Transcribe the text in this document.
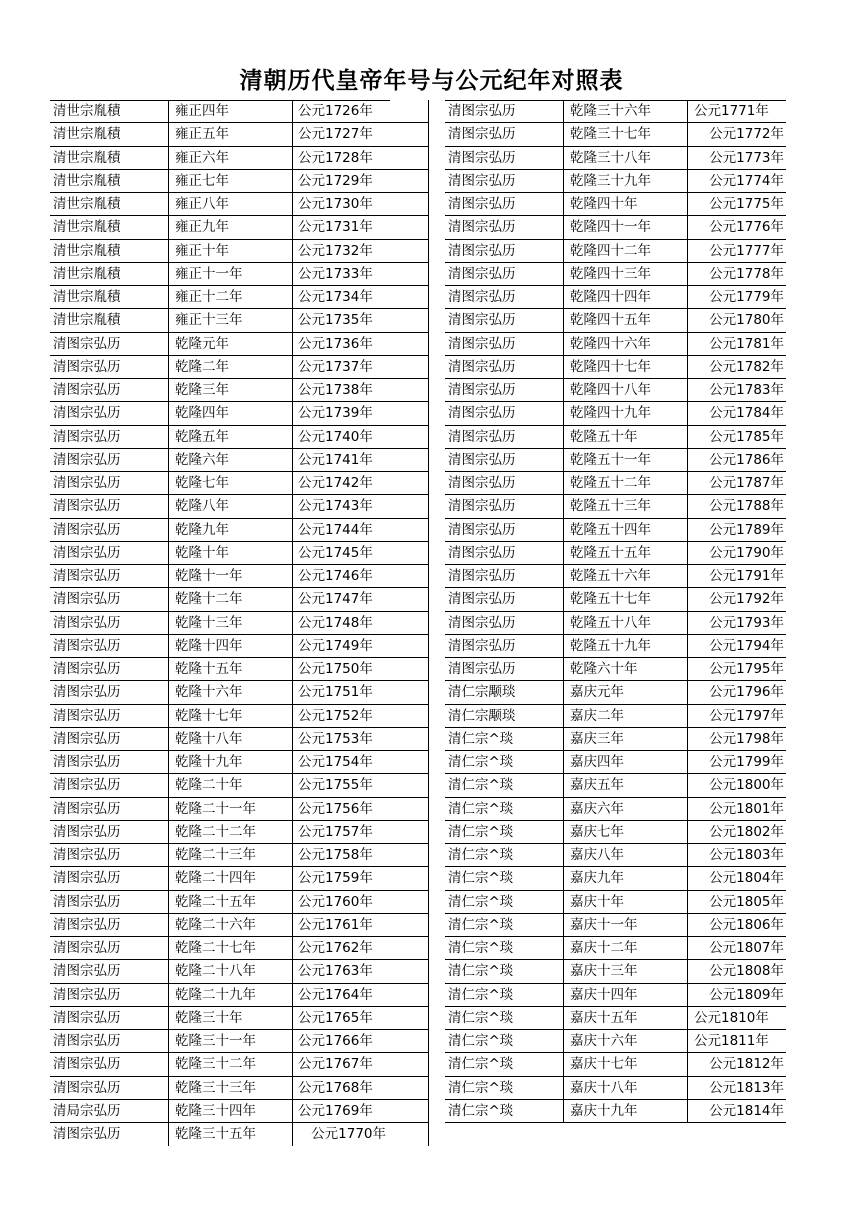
清朝历代皇帝年号与公元纪年对照表
清世宗胤積	雍正四年	公元1726年
清世宗胤積	雍正五年	公元1727年
清世宗胤積	雍正六年	公元1728年
清世宗胤積	雍正七年	公元1729年
清世宗胤積	雍正八年	公元1730年
清世宗胤積	雍正九年	公元1731年
清世宗胤積	雍正十年	公元1732年
清世宗胤積	雍正十一年	公元1733年
清世宗胤積	雍正十二年	公元1734年
清世宗胤積	雍正十三年	公元1735年
清图宗弘历	乾隆元年	公元1736年
清图宗弘历	乾隆二年	公元1737年
清图宗弘历	乾隆三年	公元1738年
清图宗弘历	乾隆四年	公元1739年
清图宗弘历	乾隆五年	公元1740年
清图宗弘历	乾隆六年	公元1741年
清图宗弘历	乾隆七年	公元1742年
清图宗弘历	乾隆八年	公元1743年
清图宗弘历	乾隆九年	公元1744年
清图宗弘历	乾隆十年	公元1745年
清图宗弘历	乾隆十一年	公元1746年
清图宗弘历	乾隆十二年	公元1747年
清图宗弘历	乾隆十三年	公元1748年
清图宗弘历	乾隆十四年	公元1749年
清图宗弘历	乾隆十五年	公元1750年
清图宗弘历	乾隆十六年	公元1751年
清图宗弘历	乾隆十七年	公元1752年
清图宗弘历	乾隆十八年	公元1753年
清图宗弘历	乾隆十九年	公元1754年
清图宗弘历	乾隆二十年	公元1755年
清图宗弘历	乾隆二十一年	公元1756年
清图宗弘历	乾隆二十二年	公元1757年
清图宗弘历	乾隆二十三年	公元1758年
清图宗弘历	乾隆二十四年	公元1759年
清图宗弘历	乾隆二十五年	公元1760年
清图宗弘历	乾隆二十六年	公元1761年
清图宗弘历	乾隆二十七年	公元1762年
清图宗弘历	乾隆二十八年	公元1763年
清图宗弘历	乾隆二十九年	公元1764年
清图宗弘历	乾隆三十年	公元1765年
清图宗弘历	乾隆三十一年	公元1766年
清图宗弘历	乾隆三十二年	公元1767年
清图宗弘历	乾隆三十三年	公元1768年
清局宗弘历	乾隆三十四年	公元1769年
清图宗弘历	乾隆三十五年	公元1770年
清图宗弘历	乾隆三十六年	公元1771年
清图宗弘历	乾隆三十七年	公元1772年
清图宗弘历	乾隆三十八年	公元1773年
清图宗弘历	乾隆三十九年	公元1774年
清图宗弘历	乾隆四十年	公元1775年
清图宗弘历	乾隆四十一年	公元1776年
清图宗弘历	乾隆四十二年	公元1777年
清图宗弘历	乾隆四十三年	公元1778年
清图宗弘历	乾隆四十四年	公元1779年
清图宗弘历	乾隆四十五年	公元1780年
清图宗弘历	乾隆四十六年	公元1781年
清图宗弘历	乾隆四十七年	公元1782年
清图宗弘历	乾隆四十八年	公元1783年
清图宗弘历	乾隆四十九年	公元1784年
清图宗弘历	乾隆五十年	公元1785年
清图宗弘历	乾隆五十一年	公元1786年
清图宗弘历	乾隆五十二年	公元1787年
清图宗弘历	乾隆五十三年	公元1788年
清图宗弘历	乾隆五十四年	公元1789年
清图宗弘历	乾隆五十五年	公元1790年
清图宗弘历	乾隆五十六年	公元1791年
清图宗弘历	乾隆五十七年	公元1792年
清图宗弘历	乾隆五十八年	公元1793年
清图宗弘历	乾隆五十九年	公元1794年
清图宗弘历	乾隆六十年	公元1795年
清仁宗颙琰	嘉庆元年	公元1796年
清仁宗颙琰	嘉庆二年	公元1797年
清仁宗^琰	嘉庆三年	公元1798年
清仁宗^琰	嘉庆四年	公元1799年
清仁宗^琰	嘉庆五年	公元1800年
清仁宗^琰	嘉庆六年	公元1801年
清仁宗^琰	嘉庆七年	公元1802年
清仁宗^琰	嘉庆八年	公元1803年
清仁宗^琰	嘉庆九年	公元1804年
清仁宗^琰	嘉庆十年	公元1805年
清仁宗^琰	嘉庆十一年	公元1806年
清仁宗^琰	嘉庆十二年	公元1807年
清仁宗^琰	嘉庆十三年	公元1808年
清仁宗^琰	嘉庆十四年	公元1809年
清仁宗^琰	嘉庆十五年	公元1810年
清仁宗^琰	嘉庆十六年	公元1811年
清仁宗^琰	嘉庆十七年	公元1812年
清仁宗^琰	嘉庆十八年	公元1813年
清仁宗^琰	嘉庆十九年	公元1814年
